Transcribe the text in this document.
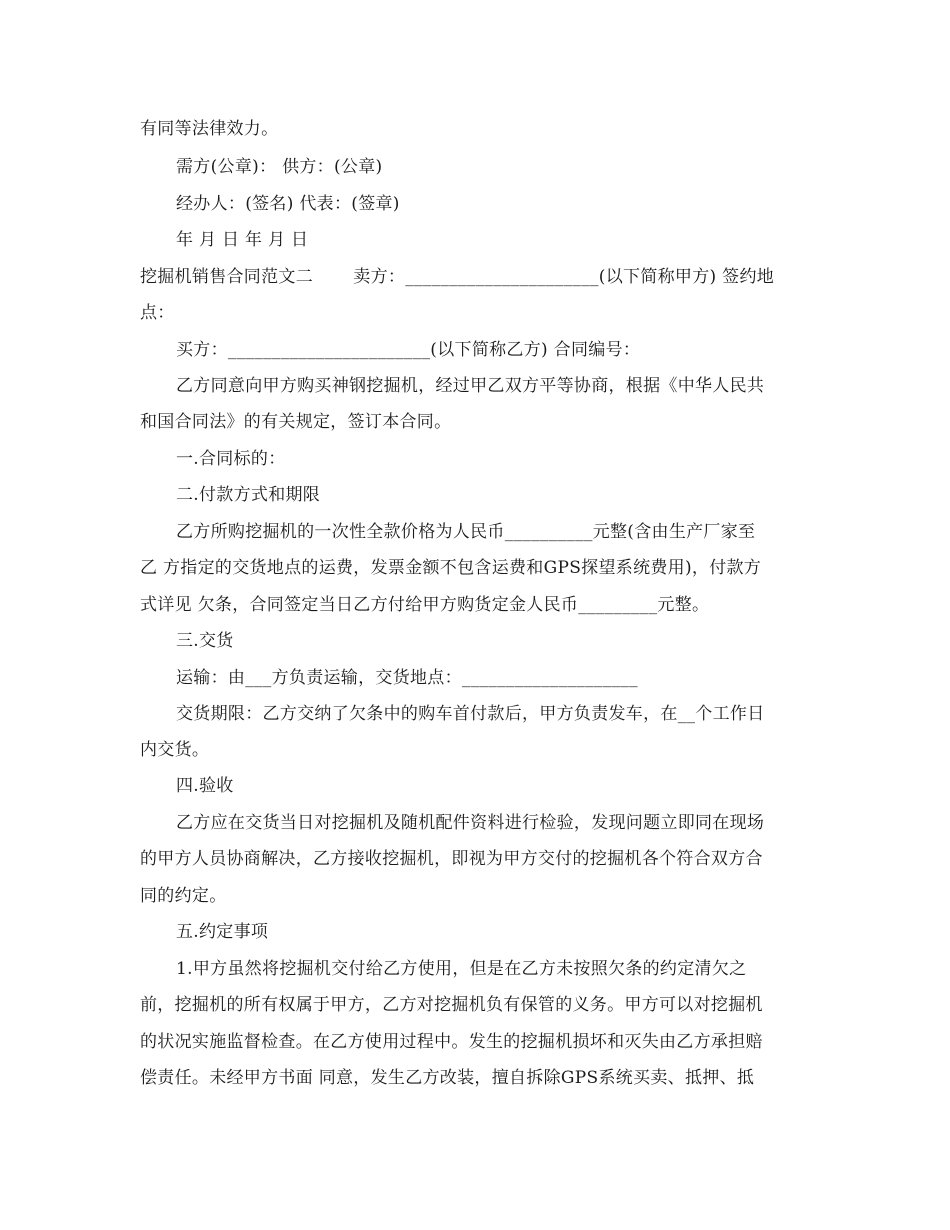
有同等法律效力。
需方(公章)： 供方：(公章)
经办人：(签名) 代表：(签章)
年 月 日 年 月 日
挖掘机销售合同范文二　　 卖方：______________________(以下简称甲方) 签约地
点：
买方：_______________________(以下简称乙方) 合同编号：
乙方同意向甲方购买神钢挖掘机，经过甲乙双方平等协商，根据《中华人民共
和国合同法》的有关规定，签订本合同。
一.合同标的：
二.付款方式和期限
乙方所购挖掘机的一次性全款价格为人民币__________元整(含由生产厂家至
乙 方指定的交货地点的运费，发票金额不包含运费和GPS探望系统费用)，付款方
式详见 欠条，合同签定当日乙方付给甲方购货定金人民币_________元整。
三.交货
运输：由___方负责运输，交货地点：____________________
交货期限：乙方交纳了欠条中的购车首付款后，甲方负责发车，在__个工作日
内交货。
四.验收
乙方应在交货当日对挖掘机及随机配件资料进行检验，发现问题立即同在现场
的甲方人员协商解决，乙方接收挖掘机，即视为甲方交付的挖掘机各个符合双方合
同的约定。
五.约定事项
1.甲方虽然将挖掘机交付给乙方使用，但是在乙方未按照欠条的约定清欠之
前，挖掘机的所有权属于甲方，乙方对挖掘机负有保管的义务。甲方可以对挖掘机
的状况实施监督检查。在乙方使用过程中。发生的挖掘机损坏和灭失由乙方承担赔
偿责任。未经甲方书面 同意，发生乙方改装，擅自拆除GPS系统买卖、抵押、抵
